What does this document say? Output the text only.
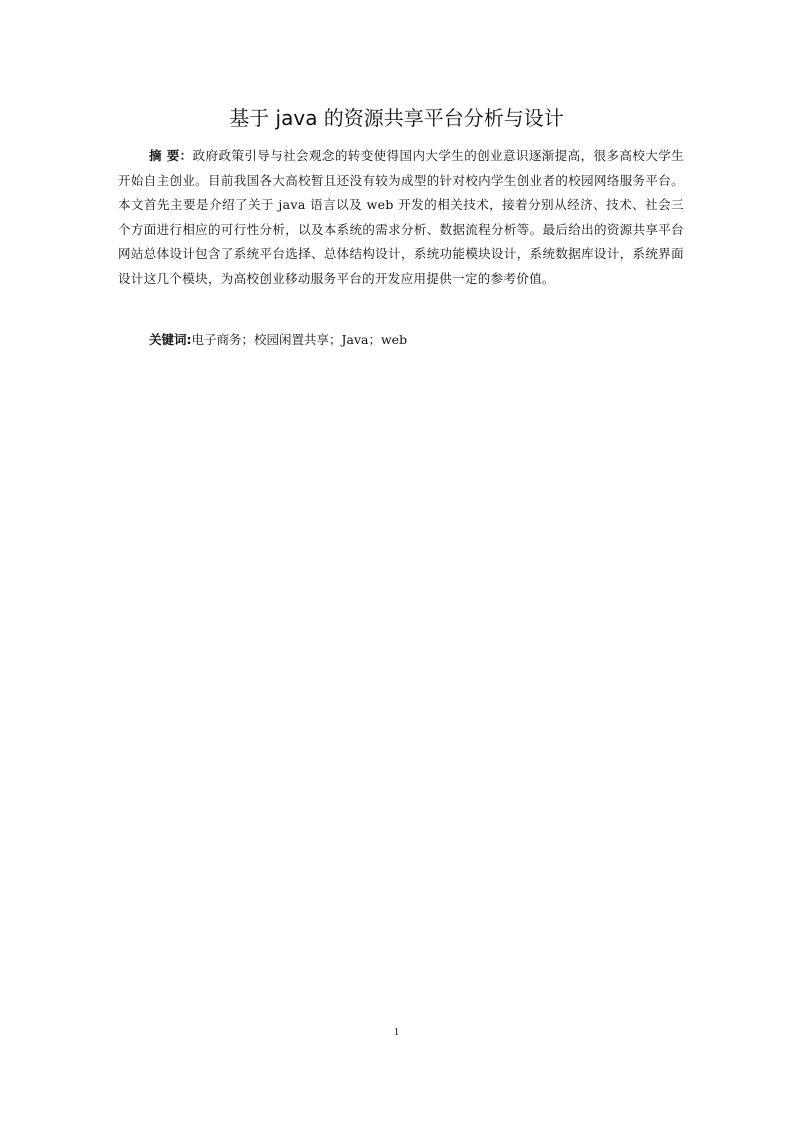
基于 java 的资源共享平台分析与设计

摘 要：政府政策引导与社会观念的转变使得国内大学生的创业意识逐渐提高，很多高校大学生开始自主创业。目前我国各大高校暂且还没有较为成型的针对校内学生创业者的校园网络服务平台。本文首先主要是介绍了关于 java 语言以及 web 开发的相关技术，接着分别从经济、技术、社会三个方面进行相应的可行性分析，以及本系统的需求分析、数据流程分析等。最后给出的资源共享平台网站总体设计包含了系统平台选择、总体结构设计，系统功能模块设计，系统数据库设计，系统界面设计这几个模块，为高校创业移动服务平台的开发应用提供一定的参考价值。

关键词:电子商务；校园闲置共享；Java；web

1
